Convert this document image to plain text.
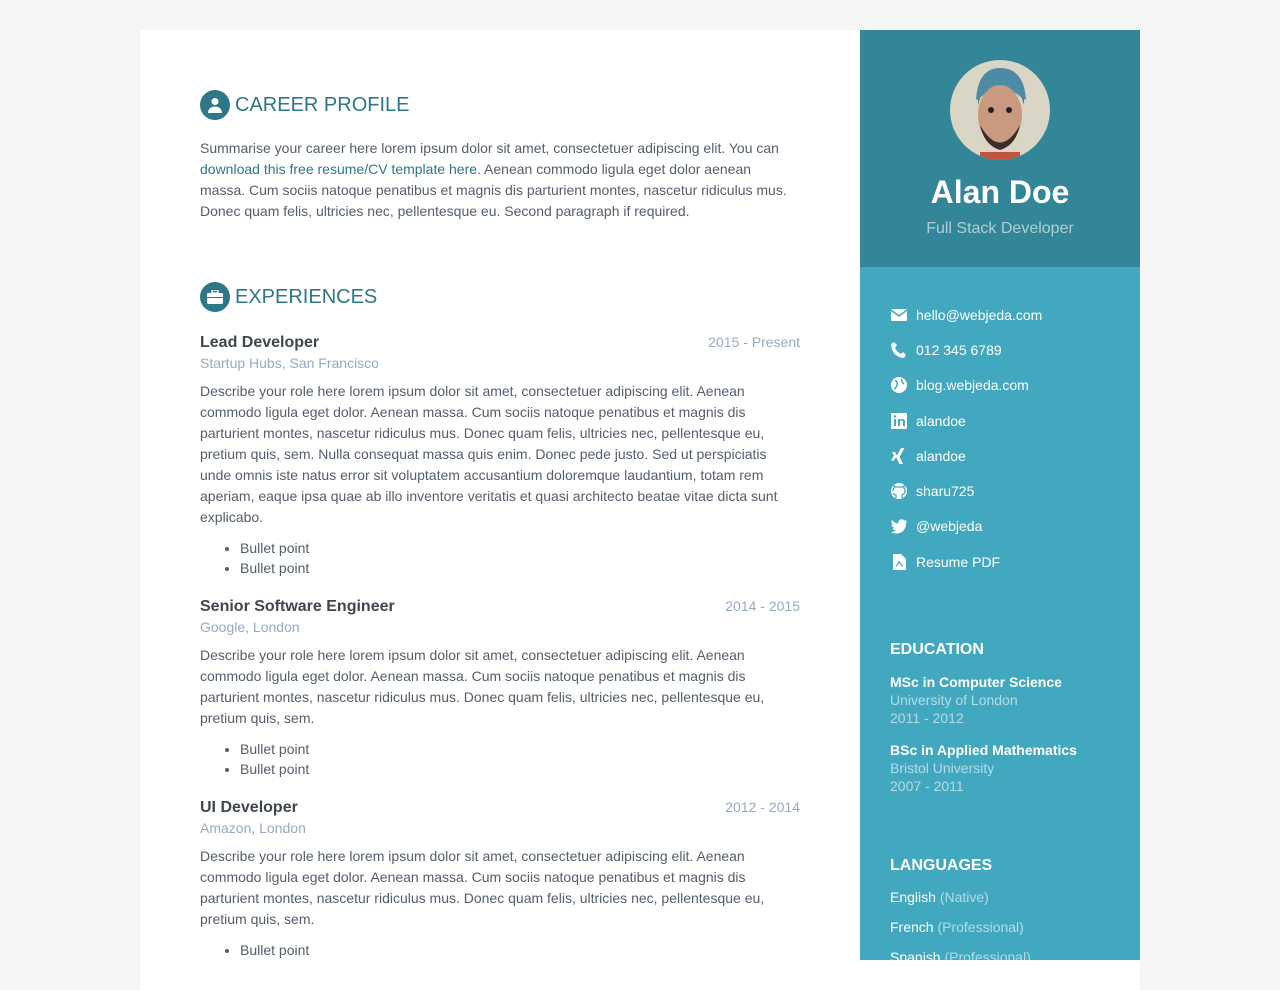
CAREER PROFILE

Summarise your career here lorem ipsum dolor sit amet, consectetuer adipiscing elit. You can download this free resume/CV template here. Aenean commodo ligula eget dolor aenean massa. Cum sociis natoque penatibus et magnis dis parturient montes, nascetur ridiculus mus. Donec quam felis, ultricies nec, pellentesque eu. Second paragraph if required.

EXPERIENCES
Lead Developer	2015 - Present
Startup Hubs, San Francisco

Describe your role here lorem ipsum dolor sit amet, consectetuer adipiscing elit. Aenean commodo ligula eget dolor. Aenean massa. Cum sociis natoque penatibus et magnis dis parturient montes, nascetur ridiculus mus. Donec quam felis, ultricies nec, pellentesque eu, pretium quis, sem. Nulla consequat massa quis enim. Donec pede justo. Sed ut perspiciatis unde omnis iste natus error sit voluptatem accusantium doloremque laudantium, totam rem aperiam, eaque ipsa quae ab illo inventore veritatis et quasi architecto beatae vitae dicta sunt explicabo.

• Bullet point
• Bullet point
Senior Software Engineer	2014 - 2015
Google, London

Describe your role here lorem ipsum dolor sit amet, consectetuer adipiscing elit. Aenean commodo ligula eget dolor. Aenean massa. Cum sociis natoque penatibus et magnis dis parturient montes, nascetur ridiculus mus. Donec quam felis, ultricies nec, pellentesque eu, pretium quis, sem.

• Bullet point
• Bullet point
UI Developer	2012 - 2014
Amazon, London

Describe your role here lorem ipsum dolor sit amet, consectetuer adipiscing elit. Aenean commodo ligula eget dolor. Aenean massa. Cum sociis natoque penatibus et magnis dis parturient montes, nascetur ridiculus mus. Donec quam felis, ultricies nec, pellentesque eu, pretium quis, sem.

• Bullet point
Alan Doe
Full Stack Developer
hello@webjeda.com
012 345 6789
blog.webjeda.com
alandoe
alandoe
sharu725
@webjeda
Resume PDF
EDUCATION
MSc in Computer Science
University of London
2011 - 2012
BSc in Applied Mathematics
Bristol University
2007 - 2011
LANGUAGES
English (Native)
French (Professional)
Spanish (Professional)
